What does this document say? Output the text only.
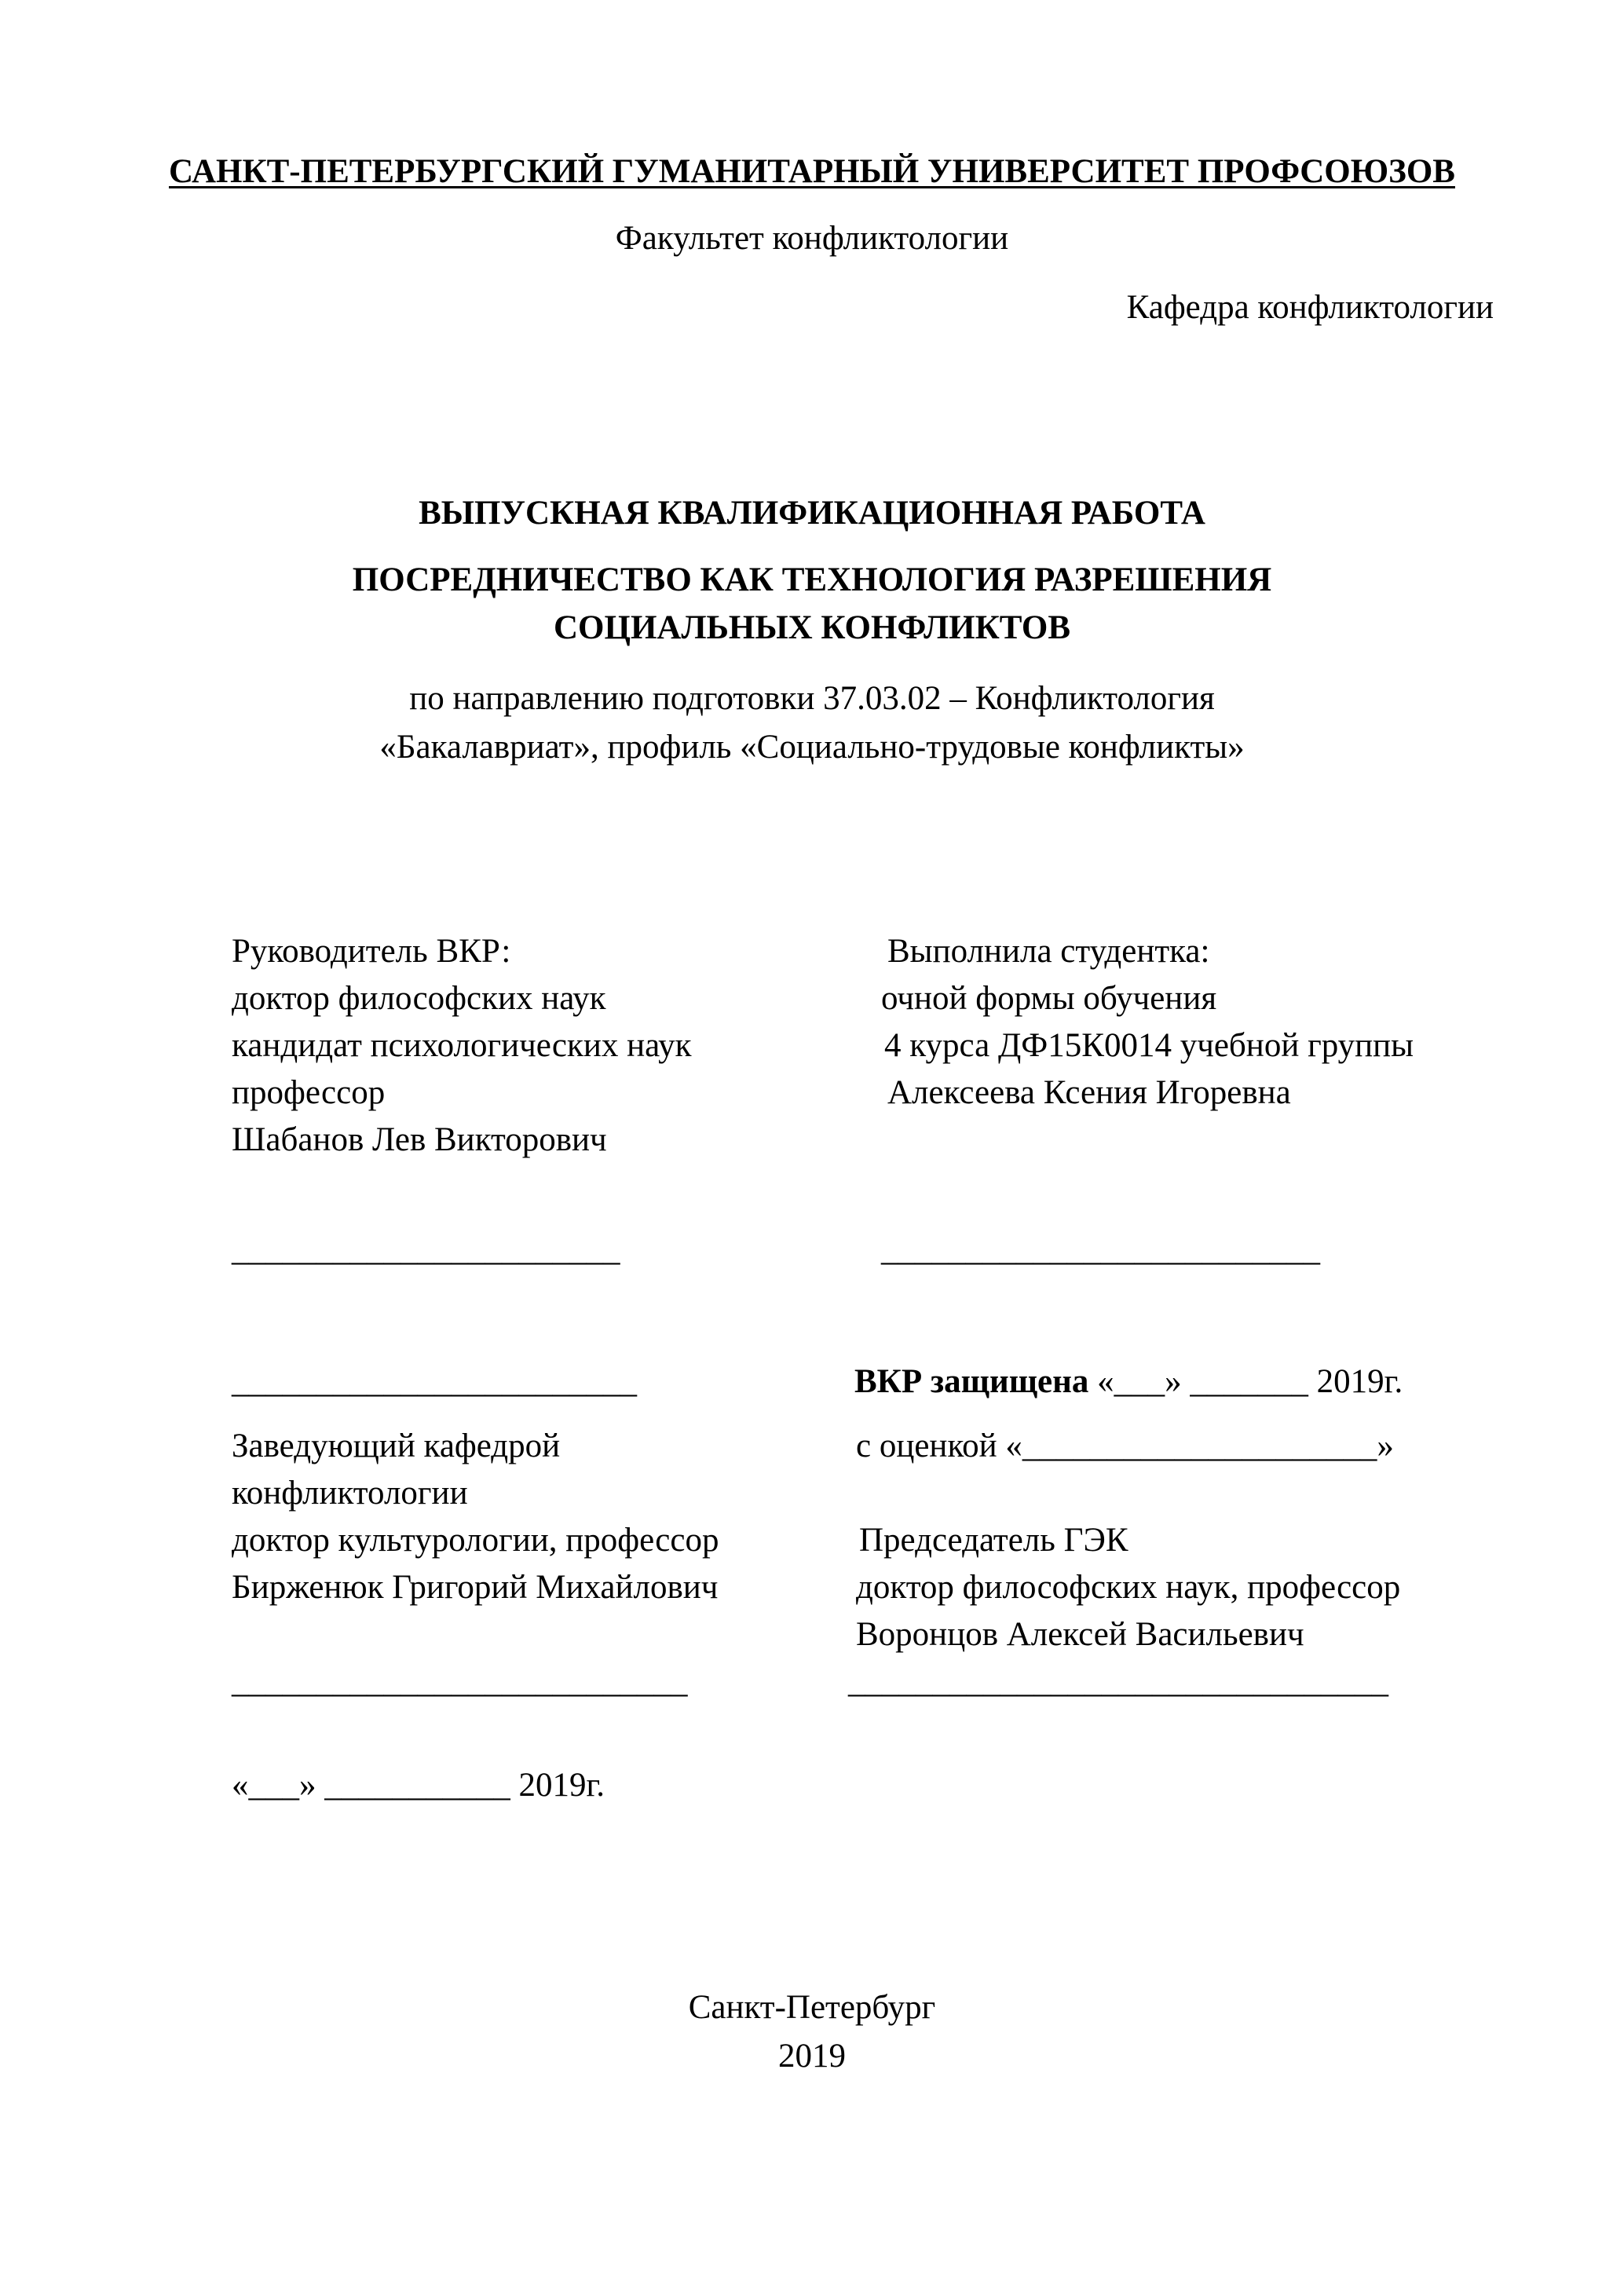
САНКТ-ПЕТЕРБУРГСКИЙ ГУМАНИТАРНЫЙ УНИВЕРСИТЕТ ПРОФСОЮЗОВ
Факультет конфликтологии
Кафедра конфликтологии
ВЫПУСКНАЯ КВАЛИФИКАЦИОННАЯ РАБОТА
ПОСРЕДНИЧЕСТВО КАК ТЕХНОЛОГИЯ РАЗРЕШЕНИЯ
СОЦИАЛЬНЫХ КОНФЛИКТОВ
по направлению подготовки 37.03.02 – Конфликтология
«Бакалавриат», профиль «Социально-трудовые конфликты»
Руководитель ВКР:
доктор философских наук
кандидат психологических наук
профессор
Шабанов Лев Викторович
_______________________
Выполнила студентка:
очной формы обучения
4 курса ДФ15К0014 учебной группы
Алексеева Ксения Игоревна
__________________________
________________________
Заведующий кафедрой
конфликтологии
доктор культурологии, профессор
Бирженюк Григорий Михайлович
___________________________
«___» ___________ 2019г.
ВКР защищена «___» _______ 2019г.
с оценкой «_____________________»
Председатель ГЭК
доктор философских наук, профессор
Воронцов Алексей Васильевич
________________________________
Санкт-Петербург
2019
